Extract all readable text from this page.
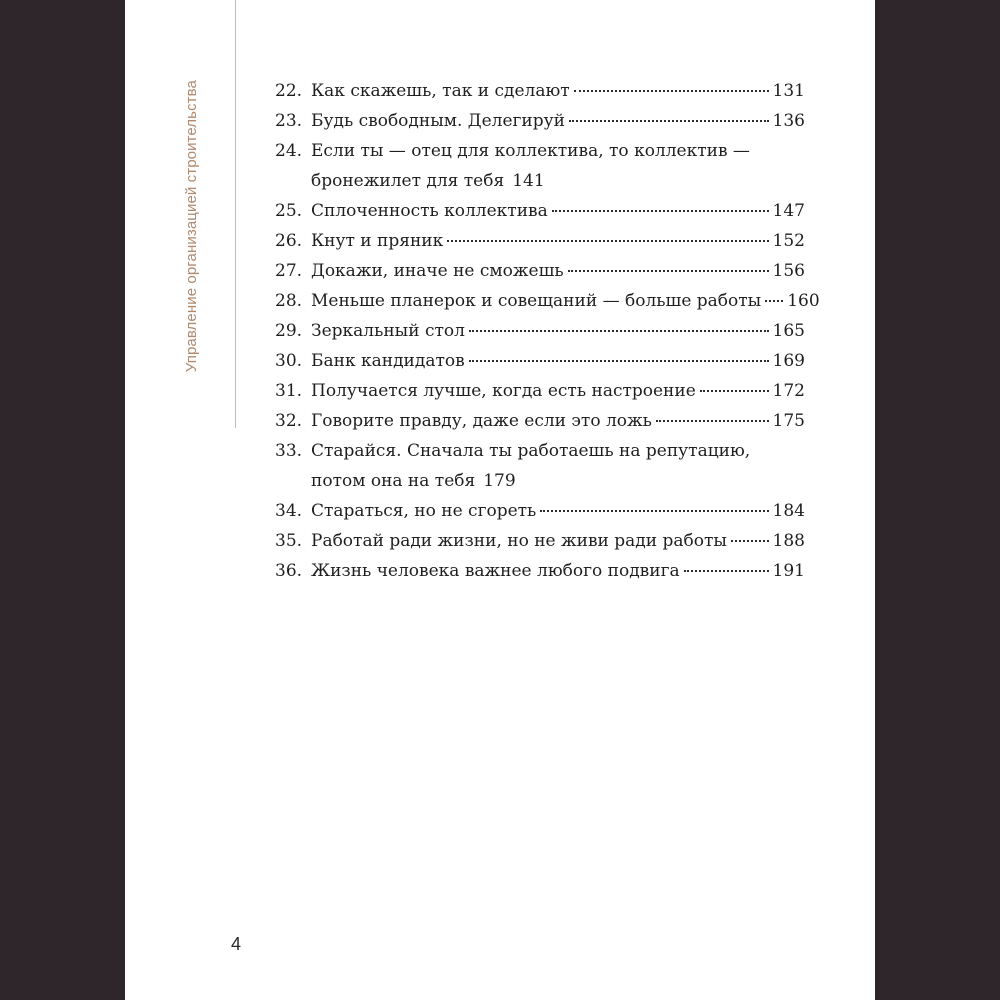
Управление организацией строительства	22. Как скажешь, так и сделают	131
23. Будь свободным. Делегируй	136
24. Если ты — отец для коллектива, то коллектив —
бронежилет для тебя 141
25. Сплоченность коллектива	147
26. Кнут и пряник	152
27. Докажи, иначе не сможешь	156
28. Меньше планерок и совещаний — больше работы 160
29. Зеркальный стол	165
30. Банк кандидатов	169
31. Получается лучше, когда есть настроение	172
32. Говорите правду, даже если это ложь	175
33. Старайся. Сначала ты работаешь на репутацию,
потом она на тебя 179
34. Стараться, но не сгореть	184
35. Работай ради жизни, но не живи ради работы	188
36. Жизнь человека важнее любого подвига	191
4
